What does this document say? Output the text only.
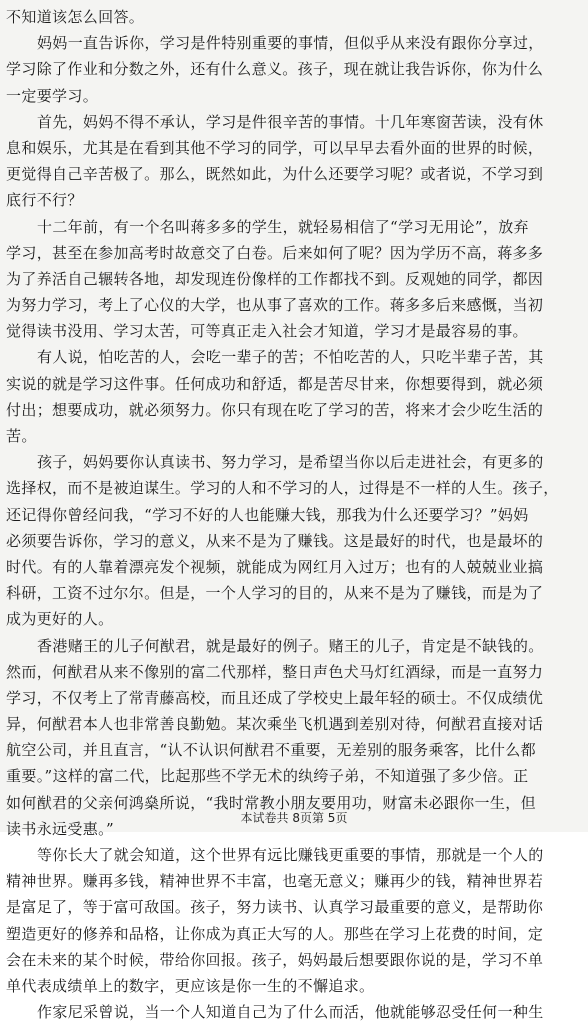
不知道该怎么回答。
妈妈一直告诉你，学习是件特别重要的事情，但似乎从来没有跟你分享过，
学习除了作业和分数之外，还有什么意义。孩子，现在就让我告诉你，你为什么
一定要学习。
首先，妈妈不得不承认，学习是件很辛苦的事情。十几年寒窗苦读，没有休
息和娱乐，尤其是在看到其他不学习的同学，可以早早去看外面的世界的时候，
更觉得自己辛苦极了。那么，既然如此，为什么还要学习呢？或者说，不学习到
底行不行？
十二年前，有一个名叫蒋多多的学生，就轻易相信了“学习无用论”，放弃
学习，甚至在参加高考时故意交了白卷。后来如何了呢？因为学历不高，蒋多多
为了养活自己辗转各地，却发现连份像样的工作都找不到。反观她的同学，都因
为努力学习，考上了心仪的大学，也从事了喜欢的工作。蒋多多后来感慨，当初
觉得读书没用、学习太苦，可等真正走入社会才知道，学习才是最容易的事。
有人说，怕吃苦的人，会吃一辈子的苦；不怕吃苦的人，只吃半辈子苦，其
实说的就是学习这件事。任何成功和舒适，都是苦尽甘来，你想要得到，就必须
付出；想要成功，就必须努力。你只有现在吃了学习的苦，将来才会少吃生活的
苦。
孩子，妈妈要你认真读书、努力学习，是希望当你以后走进社会，有更多的
选择权，而不是被迫谋生。学习的人和不学习的人，过得是不一样的人生。孩子，
还记得你曾经问我，“学习不好的人也能赚大钱，那我为什么还要学习？”妈妈
必须要告诉你，学习的意义，从来不是为了赚钱。这是最好的时代，也是最坏的
时代。有的人靠着漂亮发个视频，就能成为网红月入过万；也有的人兢兢业业搞
科研，工资不过尔尔。但是，一个人学习的目的，从来不是为了赚钱，而是为了
成为更好的人。
香港赌王的儿子何猷君，就是最好的例子。赌王的儿子，肯定是不缺钱的。
然而，何猷君从来不像别的富二代那样，整日声色犬马灯红酒绿，而是一直努力
学习，不仅考上了常青藤高校，而且还成了学校史上最年轻的硕士。不仅成绩优
异，何猷君本人也非常善良勤勉。某次乘坐飞机遇到差别对待，何猷君直接对话
航空公司，并且直言，“认不认识何猷君不重要，无差别的服务乘客，比什么都
重要。”这样的富二代，比起那些不学无术的纨绔子弟，不知道强了多少倍。正
如何猷君的父亲何鸿燊所说，“我时常教小朋友要用功，财富未必跟你一生，但
读书永远受惠。”
等你长大了就会知道，这个世界有远比赚钱更重要的事情，那就是一个人的
精神世界。赚再多钱，精神世界不丰富，也毫无意义；赚再少的钱，精神世界若
是富足了，等于富可敌国。孩子，努力读书、认真学习最重要的意义，是帮助你
塑造更好的修养和品格，让你成为真正大写的人。那些在学习上花费的时间，定
会在未来的某个时候，带给你回报。孩子，妈妈最后想要跟你说的是，学习不单
单代表成绩单上的数字，更应该是你一生的不懈追求。
作家尼采曾说，当一个人知道自己为了什么而活，他就能够忍受任何一种生
本试卷共 8页第 5页
